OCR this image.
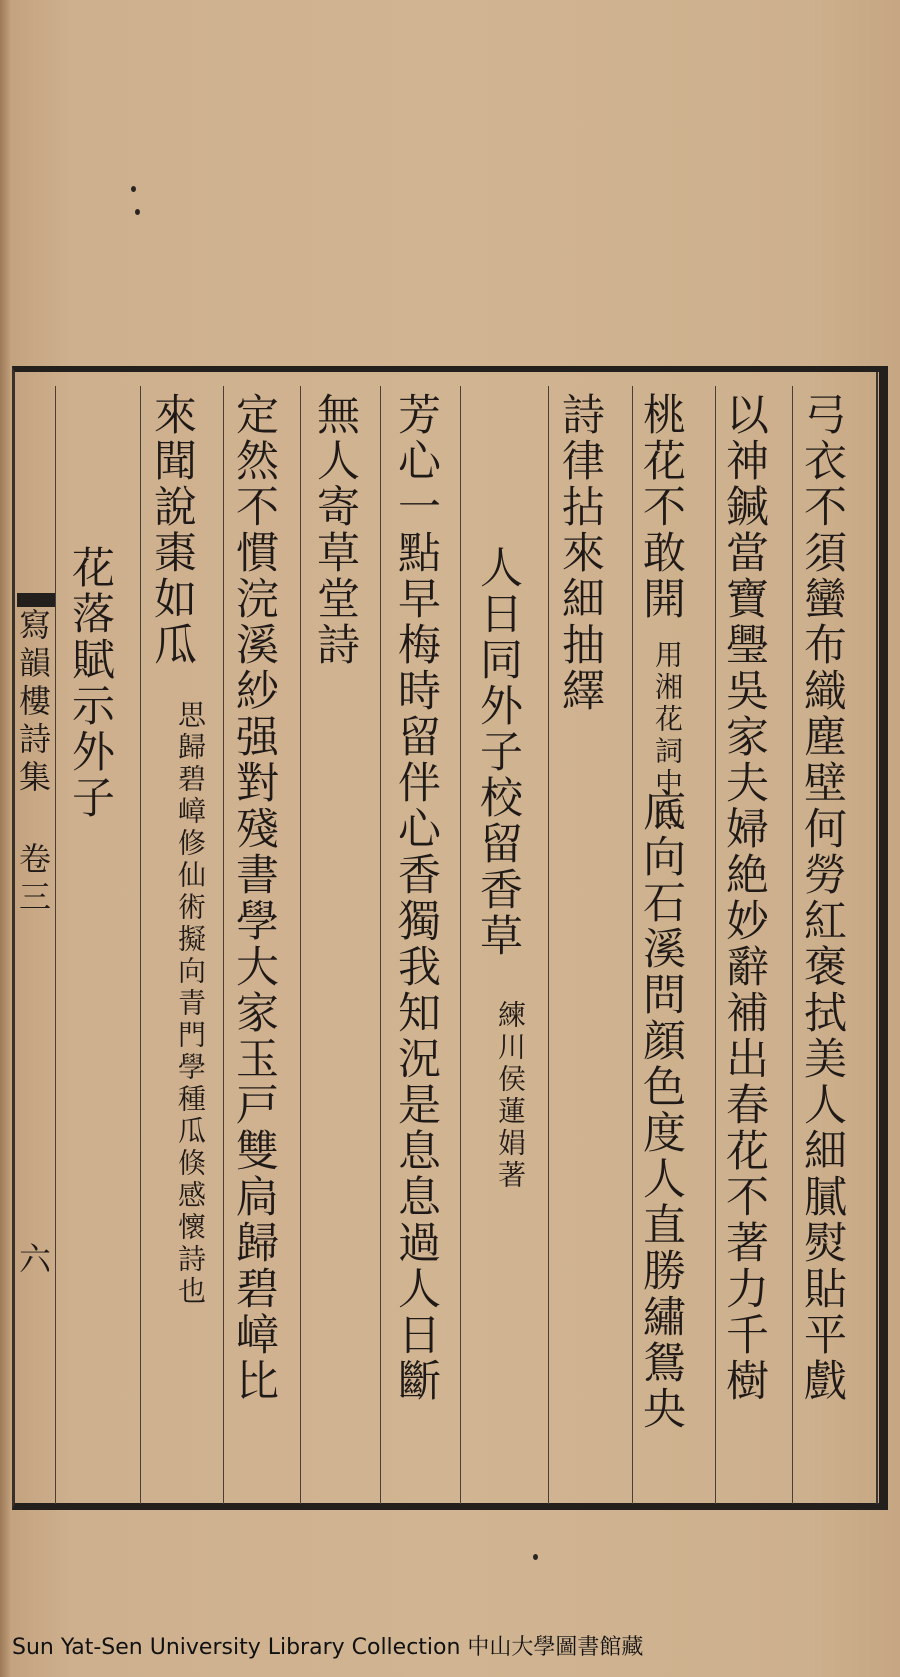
寫韻樓詩集 卷三
六	弓衣不須蠻布織塵壁何勞紅褒拭美人細膩熨貼平戲
以神鍼當寶璺吳家夫婦絶妙辭補出春花不著力千樹
桃花不敢開
用湘花詞中句
底向石溪問顔色度人直勝繡鴛央
詩律拈來細抽繹
人日同外子校留香草
練川侯蓮娟著
芳心一點早梅時留伴心香獨我知況是息息過人日斷
無人寄草堂詩
定然不慣浣溪紗强對殘書學大家玉戸雙扃歸碧嶂比
來聞說棗如瓜
思歸碧嶂修仙術擬向青門學種瓜倏感懷詩也
花落賦示外子
Sun Yat-Sen University Library Collection 中山大學圖書館藏
